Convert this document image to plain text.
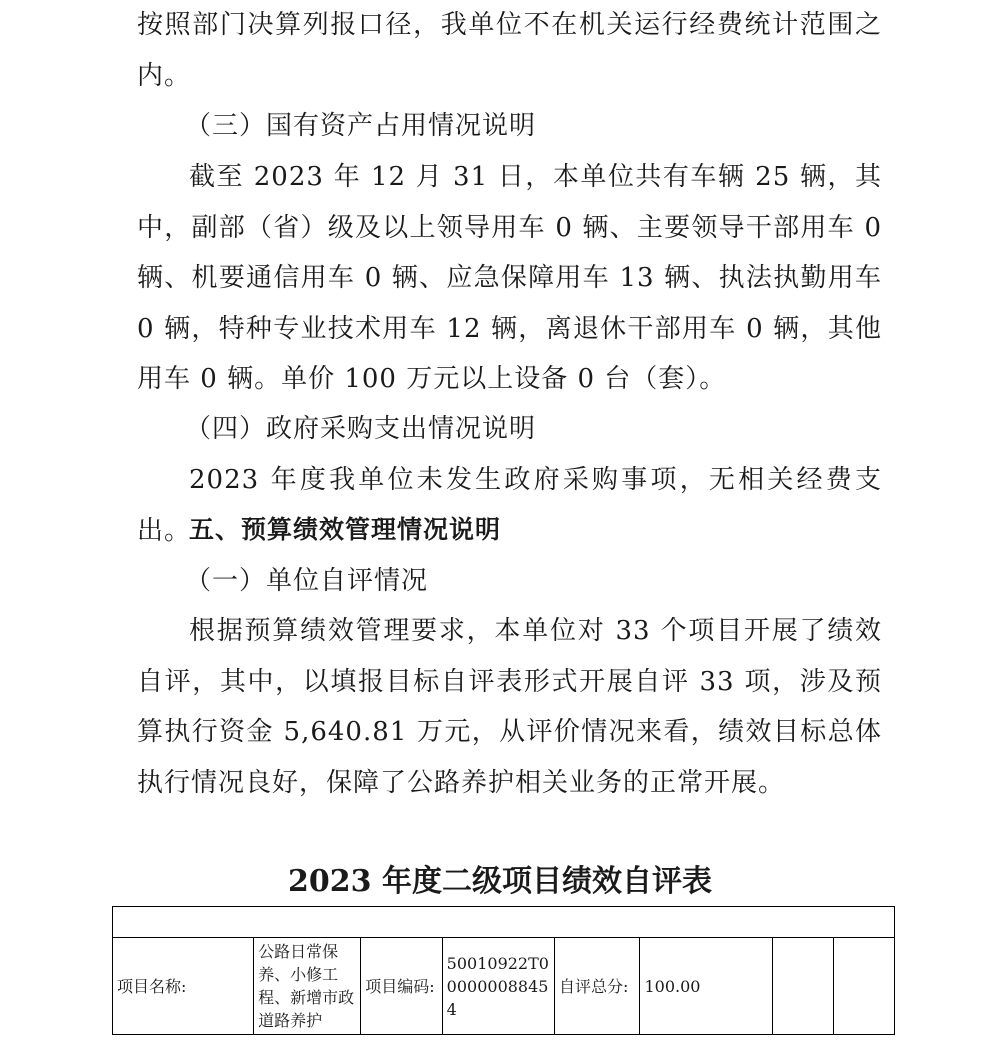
按照部门决算列报口径，我单位不在机关运行经费统计范围之内。

（三）国有资产占用情况说明

截至 2023 年 12 月 31 日，本单位共有车辆 25 辆，其中，副部（省）级及以上领导用车 0 辆、主要领导干部用车 0 辆、机要通信用车 0 辆、应急保障用车 13 辆、执法执勤用车 0 辆，特种专业技术用车 12 辆，离退休干部用车 0 辆，其他用车 0 辆。单价 100 万元以上设备 0 台（套）。

（四）政府采购支出情况说明

2023 年度我单位未发生政府采购事项，无相关经费支出。

五、预算绩效管理情况说明

（一）单位自评情况

根据预算绩效管理要求，本单位对 33 个项目开展了绩效自评，其中，以填报目标自评表形式开展自评 33 项，涉及预算执行资金 5,640.81 万元，从评价情况来看，绩效目标总体执行情况良好，保障了公路养护相关业务的正常开展。

2023 年度二级项目绩效自评表

项目名称:	公路日常保养、小修工程、新增市政道路养护	项目编码:	50010922T000000088454	自评总分:	100.00		
